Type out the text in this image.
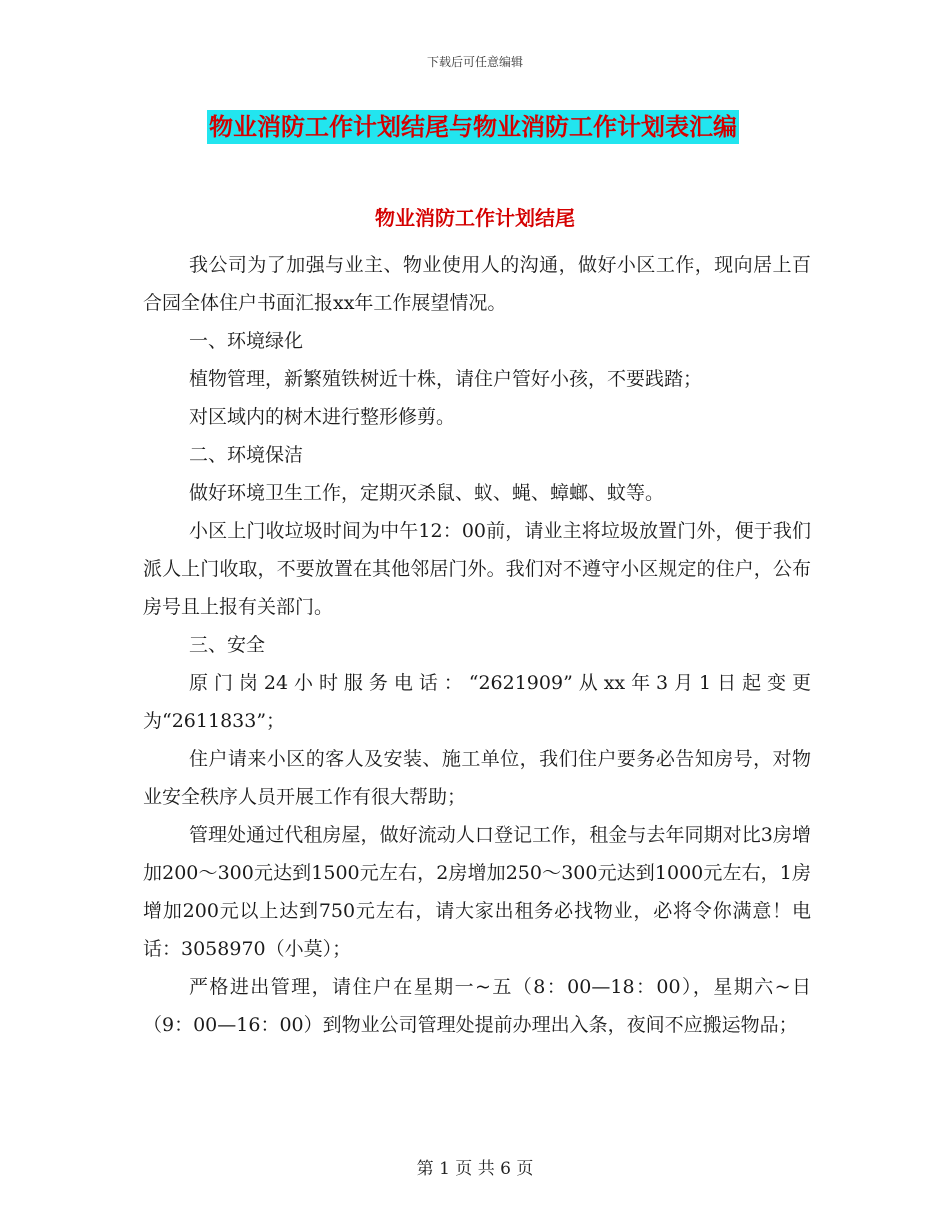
下载后可任意编辑
物业消防工作计划结尾与物业消防工作计划表汇编
物业消防工作计划结尾

我公司为了加强与业主、物业使用人的沟通，做好小区工作，现向居上百合园全体住户书面汇报xx年工作展望情况。

一、环境绿化

植物管理，新繁殖铁树近十株，请住户管好小孩，不要践踏；

对区域内的树木进行整形修剪。

二、环境保洁

做好环境卫生工作，定期灭杀鼠、蚁、蝇、蟑螂、蚊等。

小区上门收垃圾时间为中午12：00前，请业主将垃圾放置门外，便于我们派人上门收取，不要放置在其他邻居门外。我们对不遵守小区规定的住户，公布房号且上报有关部门。

三、安全

原门岗24小时服务电话：“2621909”从xx年3月1日起变更为“2611833”；

住户请来小区的客人及安装、施工单位，我们住户要务必告知房号，对物业安全秩序人员开展工作有很大帮助；

管理处通过代租房屋，做好流动人口登记工作，租金与去年同期对比3房增加200～300元达到1500元左右，2房增加250～300元达到1000元左右，1房增加200元以上达到750元左右，请大家出租务必找物业，必将令你满意！电话：3058970（小莫）；

严格进出管理，请住户在星期一~五（8：00—18：00），星期六~日（9：00—16：00）到物业公司管理处提前办理出入条，夜间不应搬运物品；

第 1 页 共 6 页
